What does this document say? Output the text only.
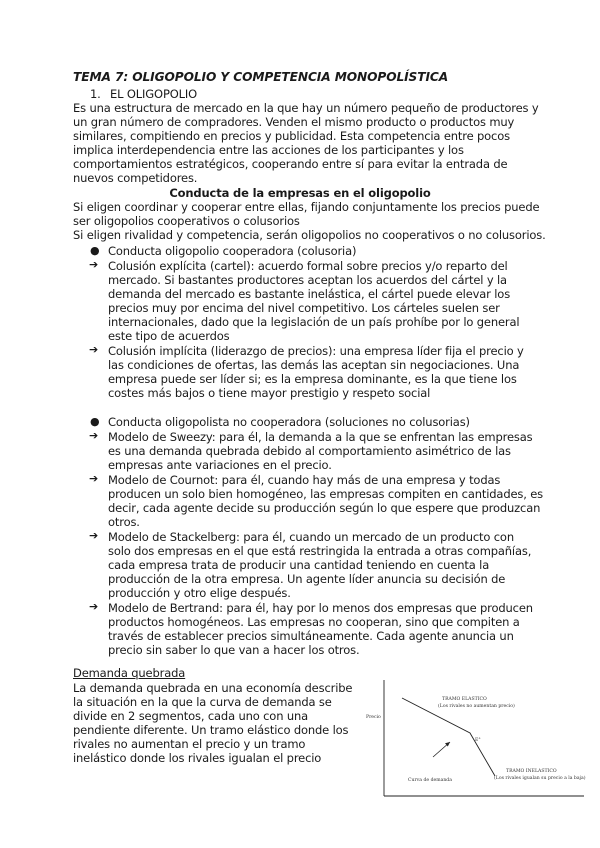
TEMA 7: OLIGOPOLIO Y COMPETENCIA MONOPOLÍSTICA
1. EL OLIGOPOLIO
Es una estructura de mercado en la que hay un número pequeño de productores y
un gran número de compradores. Venden el mismo producto o productos muy
similares, compitiendo en precios y publicidad. Esta competencia entre pocos
implica interdependencia entre las acciones de los participantes y los
comportamientos estratégicos, cooperando entre sí para evitar la entrada de
nuevos competidores.
Conducta de la empresas en el oligopolio
Si eligen coordinar y cooperar entre ellas, fijando conjuntamente los precios puede
ser oligopolios cooperativos o colusorios
Si eligen rivalidad y competencia, serán oligopolios no cooperativos o no colusorios.
● Conducta oligopolio cooperadora (colusoria)
➔ Colusión explícita (cartel): acuerdo formal sobre precios y/o reparto del
mercado. Si bastantes productores aceptan los acuerdos del cártel y la
demanda del mercado es bastante inelástica, el cártel puede elevar los
precios muy por encima del nivel competitivo. Los cárteles suelen ser
internacionales, dado que la legislación de un país prohíbe por lo general
este tipo de acuerdos
➔ Colusión implícita (liderazgo de precios): una empresa líder fija el precio y
las condiciones de ofertas, las demás las aceptan sin negociaciones. Una
empresa puede ser líder si; es la empresa dominante, es la que tiene los
costes más bajos o tiene mayor prestigio y respeto social
● Conducta oligopolista no cooperadora (soluciones no colusorias)
➔ Modelo de Sweezy: para él, la demanda a la que se enfrentan las empresas
es una demanda quebrada debido al comportamiento asimétrico de las
empresas ante variaciones en el precio.
➔ Modelo de Cournot: para él, cuando hay más de una empresa y todas
producen un solo bien homogéneo, las empresas compiten en cantidades, es
decir, cada agente decide su producción según lo que espere que produzcan
otros.
➔ Modelo de Stackelberg: para él, cuando un mercado de un producto con
solo dos empresas en el que está restringida la entrada a otras compañías,
cada empresa trata de producir una cantidad teniendo en cuenta la
producción de la otra empresa. Un agente líder anuncia su decisión de
producción y otro elige después.
➔ Modelo de Bertrand: para él, hay por lo menos dos empresas que producen
productos homogéneos. Las empresas no cooperan, sino que compiten a
través de establecer precios simultáneamente. Cada agente anuncia un
precio sin saber lo que van a hacer los otros.
Demanda quebrada
La demanda quebrada en una economía describe
la situación en la que la curva de demanda se
divide en 2 segmentos, cada uno con una
pendiente diferente. Un tramo elástico donde los
rivales no aumentan el precio y un tramo
inelástico donde los rivales igualan el precio
Precio
TRAMO ELASTICO
(Los rivales no aumentan precio)
E°
TRAMO INELASTICO
(Los rivales igualan su precio a la baja)
Curva de demanda
